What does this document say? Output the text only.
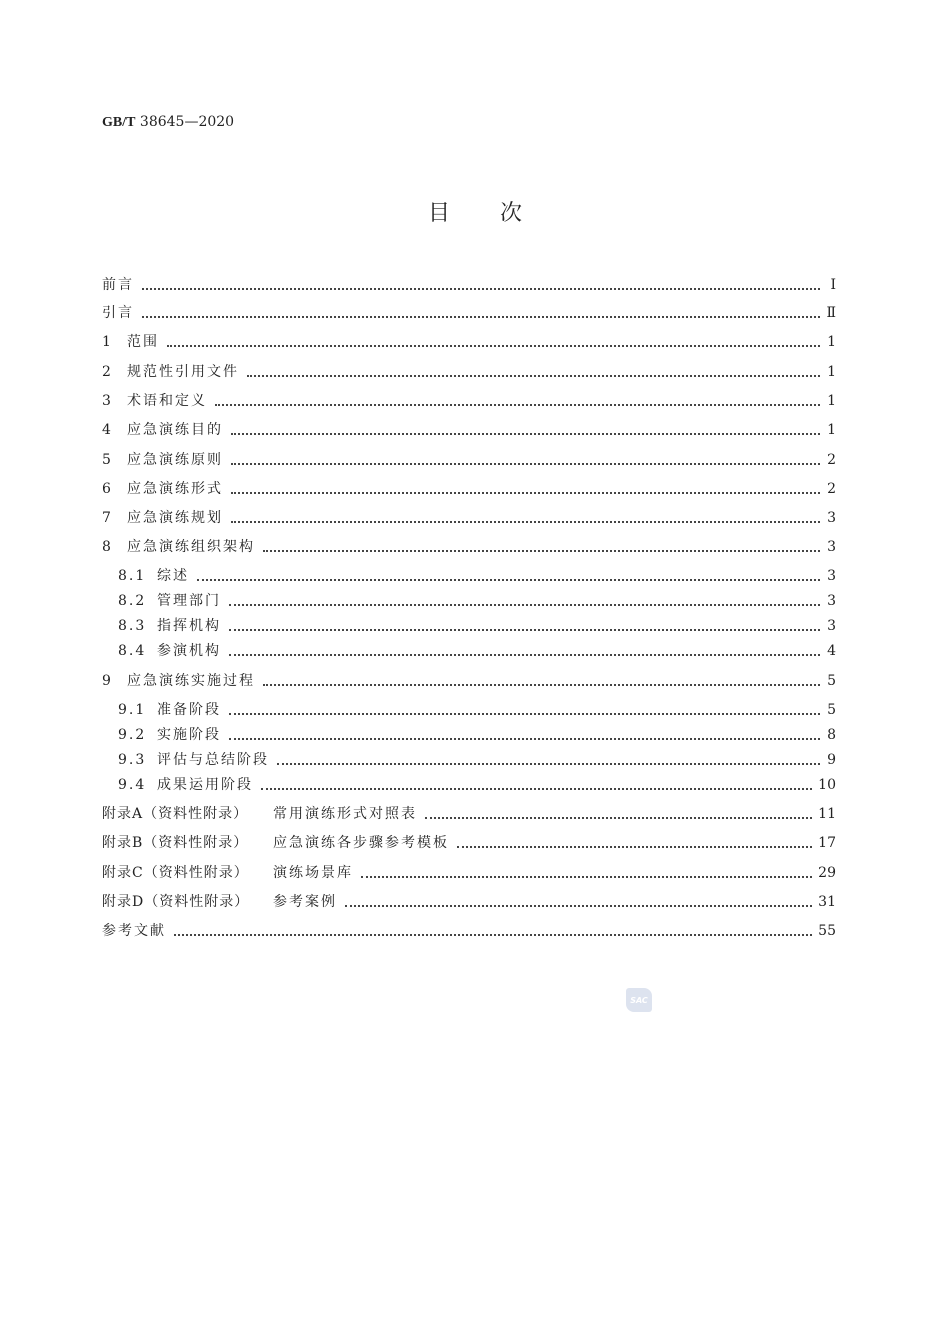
GB/T 38645—2020
目次
前言	Ⅰ
引言	Ⅱ
1	范围	1
2	规范性引用文件	1
3	术语和定义	1
4	应急演练目的	1
5	应急演练原则	2
6	应急演练形式	2
7	应急演练规划	3
8	应急演练组织架构	3
8.1 综述	3
8.2 管理部门	3
8.3 指挥机构	3
8.4 参演机构	4
9	应急演练实施过程	5
9.1 准备阶段	5
9.2 实施阶段	8
9.3 评估与总结阶段	9
9.4 成果运用阶段	10
附录A（资料性附录）	常用演练形式对照表	11
附录B（资料性附录）	应急演练各步骤参考模板	17
附录C（资料性附录）	演练场景库	29
附录D（资料性附录）	参考案例	31
参考文献	55
SAC
